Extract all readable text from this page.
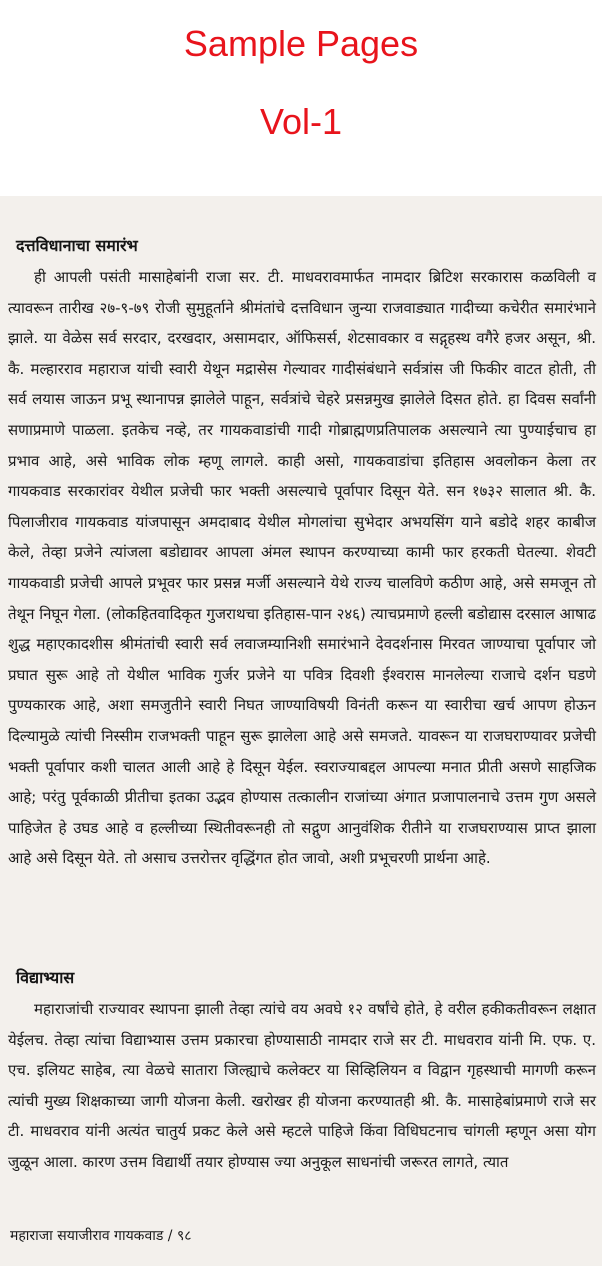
Sample Pages
Vol-1
दत्तविधानाचा समारंभ
ही आपली पसंती मासाहेबांनी राजा सर. टी. माधवरावमार्फत नामदार ब्रिटिश सरकारास कळविली व त्यावरून तारीख २७-९-७९ रोजी सुमुहूर्ताने श्रीमंतांचे दत्तविधान जुन्या राजवाड्यात गादीच्या कचेरीत समारंभाने झाले. या वेळेस सर्व सरदार, दरखदार, असामदार, ऑफिसर्स, शेटसावकार व सद्गृहस्थ वगैरे हजर असून, श्री. कै. मल्हारराव महाराज यांची स्वारी येथून मद्रासेस गेल्यावर गादीसंबंधाने सर्वत्रांस जी फिकीर वाटत होती, ती सर्व लयास जाऊन प्रभू स्थानापन्न झालेले पाहून, सर्वत्रांचे चेहरे प्रसन्नमुख झालेले दिसत होते. हा दिवस सर्वांनी सणाप्रमाणे पाळला. इतकेच नव्हे, तर गायकवाडांची गादी गोब्राह्मणप्रतिपालक असल्याने त्या पुण्याईचाच हा प्रभाव आहे, असे भाविक लोक म्हणू लागले. काही असो, गायकवाडांचा इतिहास अवलोकन केला तर गायकवाड सरकारांवर येथील प्रजेची फार भक्ती असल्याचे पूर्वापार दिसून येते. सन १७३२ सालात श्री. कै. पिलाजीराव गायकवाड यांजपासून अमदाबाद येथील मोगलांचा सुभेदार अभयसिंग याने बडोदे शहर काबीज केले, तेव्हा प्रजेने त्यांजला बडोद्यावर आपला अंमल स्थापन करण्याच्या कामी फार हरकती घेतल्या. शेवटी गायकवाडी प्रजेची आपले प्रभूवर फार प्रसन्न मर्जी असल्याने येथे राज्य चालविणे कठीण आहे, असे समजून तो तेथून निघून गेला. (लोकहितवादिकृत गुजराथचा इतिहास-पान २४६) त्याचप्रमाणे हल्ली बडोद्यास दरसाल आषाढ शुद्ध महाएकादशीस श्रीमंतांची स्वारी सर्व लवाजम्यानिशी समारंभाने देवदर्शनास मिरवत जाण्याचा पूर्वापार जो प्रघात सुरू आहे तो येथील भाविक गुर्जर प्रजेने या पवित्र दिवशी ईश्वरास मानलेल्या राजाचे दर्शन घडणे पुण्यकारक आहे, अशा समजुतीने स्वारी निघत जाण्याविषयी विनंती करून या स्वारीचा खर्च आपण होऊन दिल्यामुळे त्यांची निस्सीम राजभक्ती पाहून सुरू झालेला आहे असे समजते. यावरून या राजघराण्यावर प्रजेची भक्ती पूर्वापार कशी चालत आली आहे हे दिसून येईल. स्वराज्याबद्दल आपल्या मनात प्रीती असणे साहजिक आहे; परंतु पूर्वकाळी प्रीतीचा इतका उद्भव होण्यास तत्कालीन राजांच्या अंगात प्रजापालनाचे उत्तम गुण असले पाहिजेत हे उघड आहे व हल्लीच्या स्थितीवरूनही तो सद्गुण आनुवंशिक रीतीने या राजघराण्यास प्राप्त झाला आहे असे दिसून येते. तो असाच उत्तरोत्तर वृद्धिंगत होत जावो, अशी प्रभूचरणी प्रार्थना आहे.
विद्याभ्यास
महाराजांची राज्यावर स्थापना झाली तेव्हा त्यांचे वय अवघे १२ वर्षांचे होते, हे वरील हकीकतीवरून लक्षात येईलच. तेव्हा त्यांचा विद्याभ्यास उत्तम प्रकारचा होण्यासाठी नामदार राजे सर टी. माधवराव यांनी मि. एफ. ए. एच. इलियट साहेब, त्या वेळचे सातारा जिल्ह्याचे कलेक्टर या सिव्हिलियन व विद्वान गृहस्थाची मागणी करून त्यांची मुख्य शिक्षकाच्या जागी योजना केली. खरोखर ही योजना करण्यातही श्री. कै. मासाहेबांप्रमाणे राजे सर टी. माधवराव यांनी अत्यंत चातुर्य प्रकट केले असे म्हटले पाहिजे किंवा विधिघटनाच चांगली म्हणून असा योग जुळून आला. कारण उत्तम विद्यार्थी तयार होण्यास ज्या अनुकूल साधनांची जरूरत लागते, त्यात
महाराजा सयाजीराव गायकवाड / ९८
